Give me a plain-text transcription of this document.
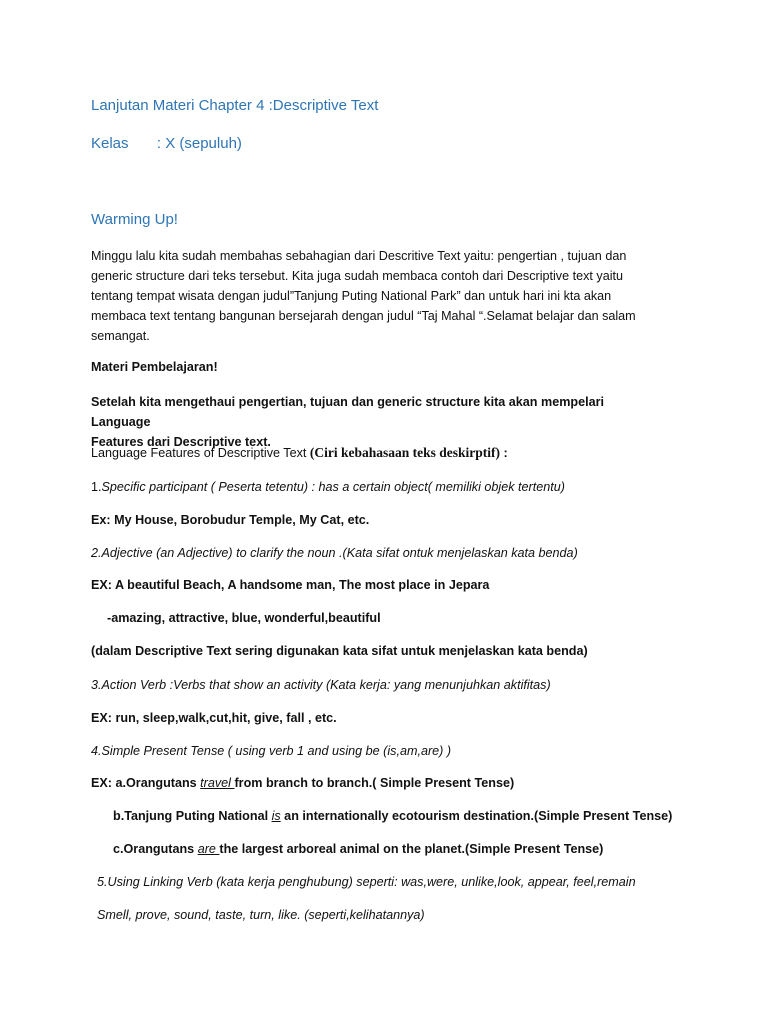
Lanjutan Materi Chapter 4 :Descriptive Text
Kelas : X (sepuluh)
Warming Up!
Minggu lalu kita sudah membahas sebahagian dari Descritive Text yaitu: pengertian , tujuan dan
generic structure dari teks tersebut. Kita juga sudah membaca contoh dari Descriptive text yaitu
tentang tempat wisata dengan judul”Tanjung Puting National Park” dan untuk hari ini kta akan
membaca text tentang bangunan bersejarah dengan judul “Taj Mahal “.Selamat belajar dan salam
semangat.
Materi Pembelajaran!
Setelah kita mengethaui pengertian, tujuan dan generic structure kita akan mempelari Language
Features dari Descriptive text.
Language Features of Descriptive Text (Ciri kebahasaan teks deskirptif) :
1.Specific participant ( Peserta tetentu) : has a certain object( memiliki objek tertentu)
Ex: My House, Borobudur Temple, My Cat, etc.
2.Adjective (an Adjective) to clarify the noun .(Kata sifat ontuk menjelaskan kata benda)
EX: A beautiful Beach, A handsome man, The most place in Jepara
-amazing, attractive, blue, wonderful,beautiful
(dalam Descriptive Text sering digunakan kata sifat untuk menjelaskan kata benda)
3.Action Verb :Verbs that show an activity (Kata kerja: yang menunjuhkan aktifitas)
EX: run, sleep,walk,cut,hit, give, fall , etc.
4.Simple Present Tense ( using verb 1 and using be (is,am,are) )
EX: a.Orangutans travel from branch to branch.( Simple Present Tense)
b.Tanjung Puting National is an internationally ecotourism destination.(Simple Present Tense)
c.Orangutans are the largest arboreal animal on the planet.(Simple Present Tense)
5.Using Linking Verb (kata kerja penghubung) seperti: was,were, unlike,look, appear, feel,remain
Smell, prove, sound, taste, turn, like. (seperti,kelihatannya)
